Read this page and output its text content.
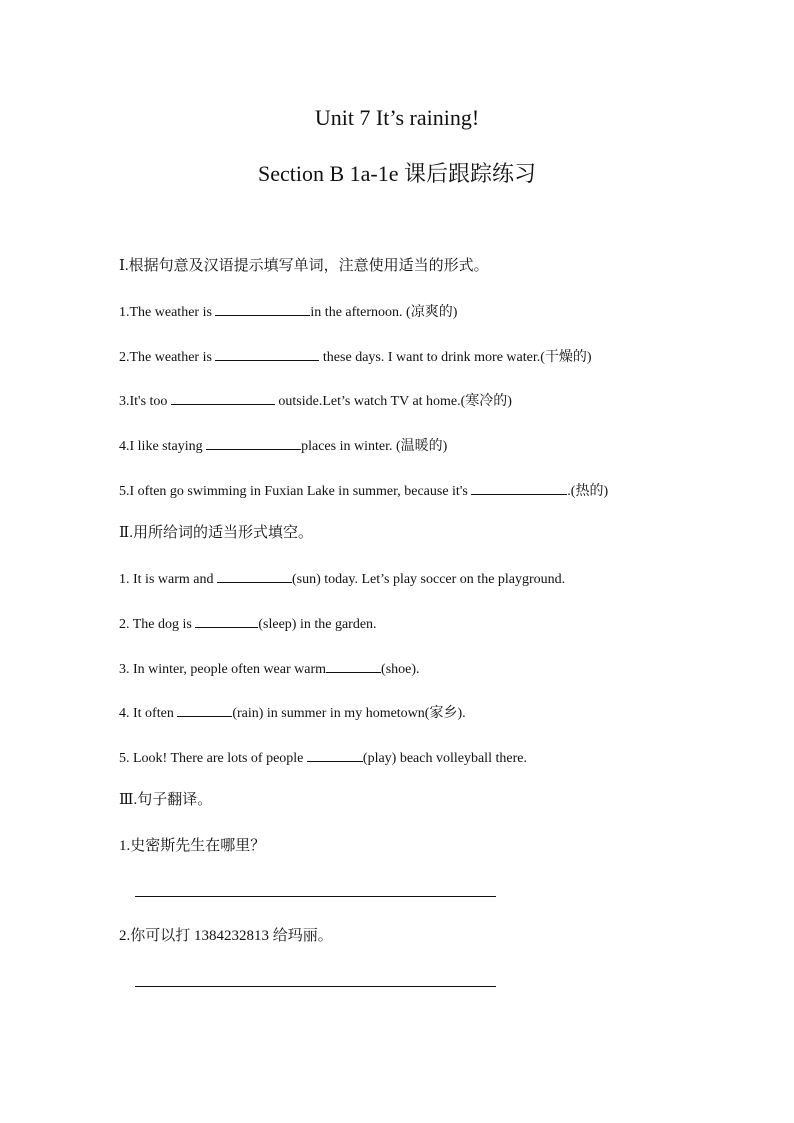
Unit 7 It’s raining!
Section B 1a-1e 课后跟踪练习
Ⅰ.根据句意及汉语提示填写单词，注意使用适当的形式。
1.The weather is	in the afternoon. (凉爽的)
2.The weather is	these days. I want to drink more water.(干燥的)
3.It's too	outside.Let’s watch TV at home.(寒冷的)
4.I like staying	places in winter. (温暖的)
5.I often go swimming in Fuxian Lake in summer, because it's	.(热的)
Ⅱ.用所给词的适当形式填空。
1. It is warm and	(sun) today. Let’s play soccer on the playground.
2. The dog is	(sleep) in the garden.
3. In winter, people often wear warm	(shoe).
4. It often	(rain) in summer in my hometown(家乡).
5. Look! There are lots of people	(play) beach volleyball there.
Ⅲ.句子翻译。
1.史密斯先生在哪里？
2.你可以打 1384232813 给玛丽。
